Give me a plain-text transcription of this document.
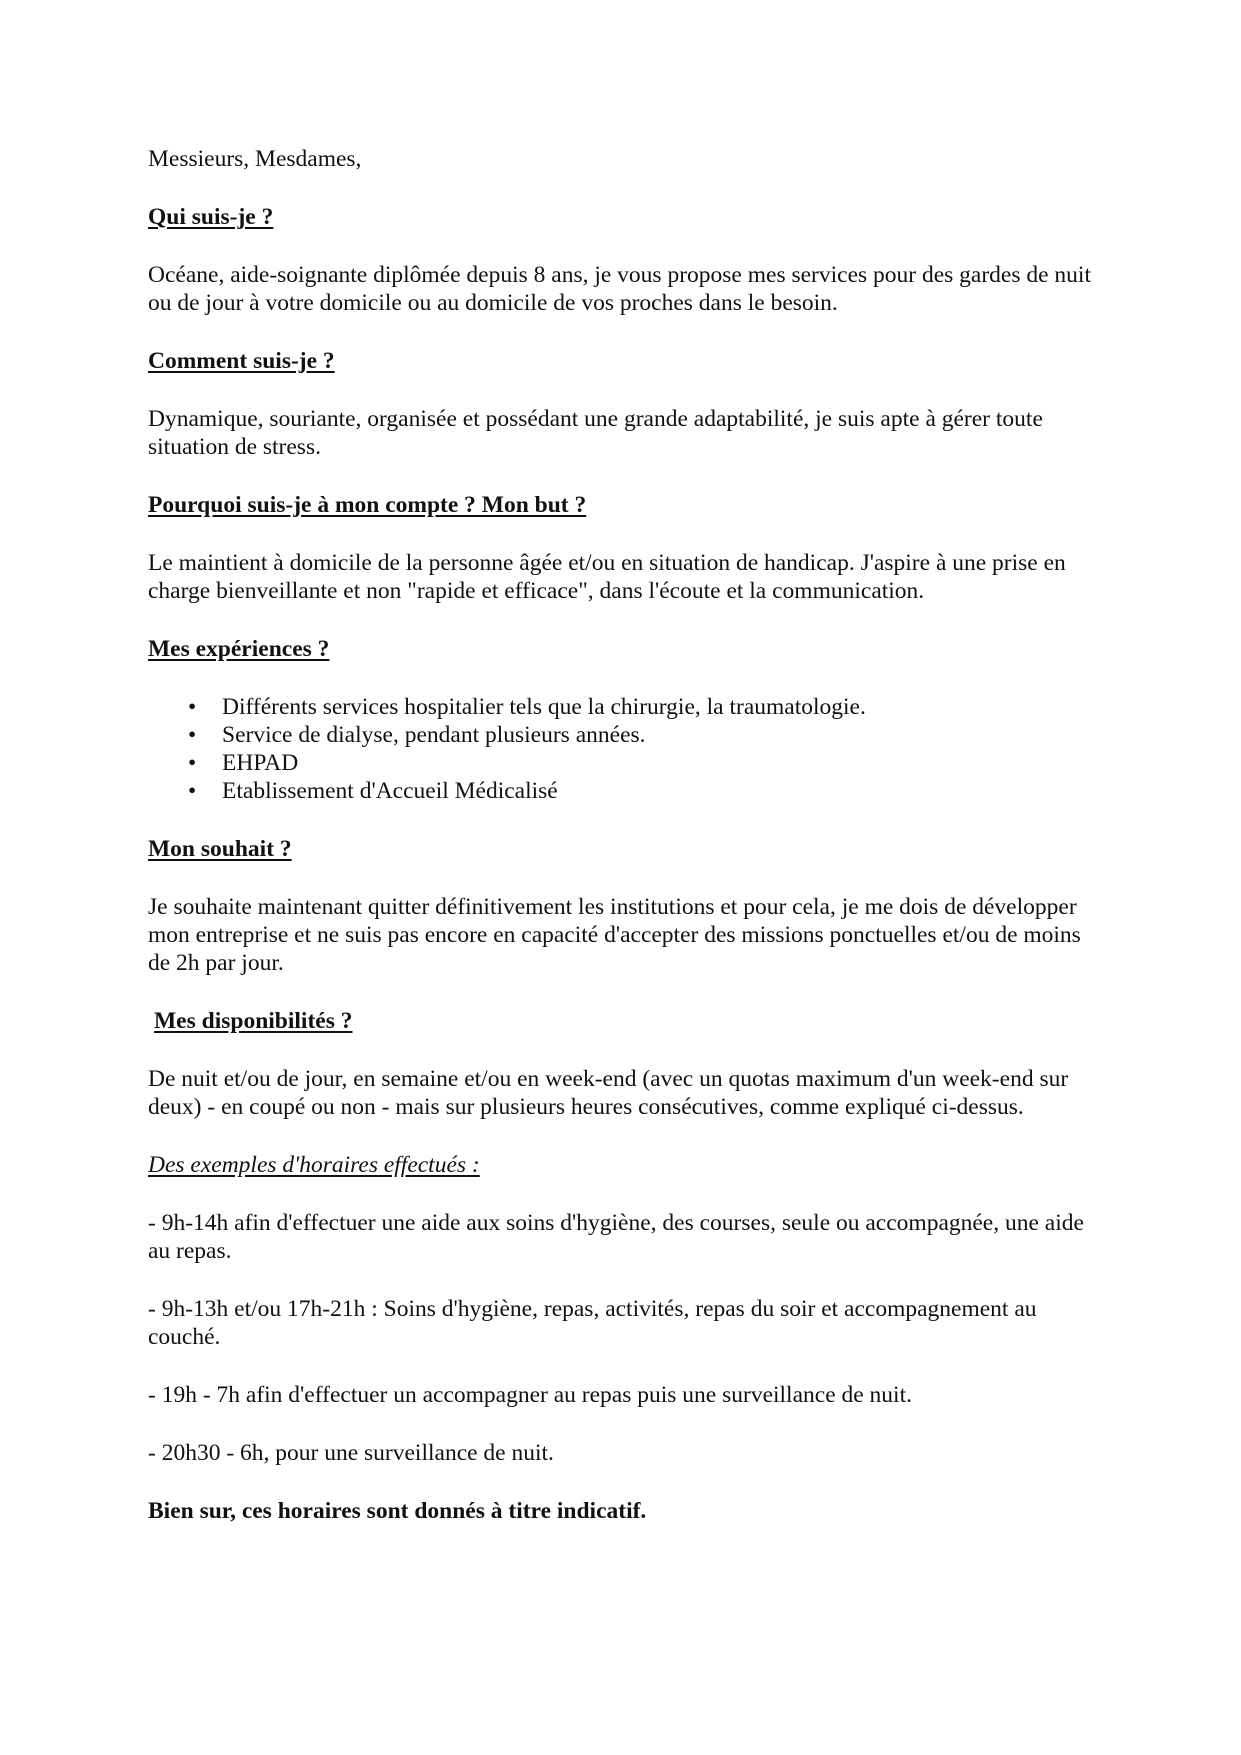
Messieurs, Mesdames,

Qui suis-je ?

Océane, aide-soignante diplômée depuis 8 ans, je vous propose mes services pour des gardes de nuit ou de jour à votre domicile ou au domicile de vos proches dans le besoin.

Comment suis-je ?

Dynamique, souriante, organisée et possédant une grande adaptabilité, je suis apte à gérer toute situation de stress.

Pourquoi suis-je à mon compte ? Mon but ?

Le maintient à domicile de la personne âgée et/ou en situation de handicap. J'aspire à une prise en charge bienveillante et non "rapide et efficace", dans l'écoute et la communication.

Mes expériences ?

• Différents services hospitalier tels que la chirurgie, la traumatologie.
• Service de dialyse, pendant plusieurs années.
• EHPAD
• Etablissement d'Accueil Médicalisé

Mon souhait ?

Je souhaite maintenant quitter définitivement les institutions et pour cela, je me dois de développer mon entreprise et ne suis pas encore en capacité d'accepter des missions ponctuelles et/ou de moins de 2h par jour.

Mes disponibilités ?

De nuit et/ou de jour, en semaine et/ou en week-end (avec un quotas maximum d'un week-end sur deux) - en coupé ou non - mais sur plusieurs heures consécutives, comme expliqué ci-dessus.

Des exemples d'horaires effectués :

- 9h-14h afin d'effectuer une aide aux soins d'hygiène, des courses, seule ou accompagnée, une aide au repas.

- 9h-13h et/ou 17h-21h : Soins d'hygiène, repas, activités, repas du soir et accompagnement au couché.

- 19h - 7h afin d'effectuer un accompagner au repas puis une surveillance de nuit.

- 20h30 - 6h, pour une surveillance de nuit.

Bien sur, ces horaires sont donnés à titre indicatif.
